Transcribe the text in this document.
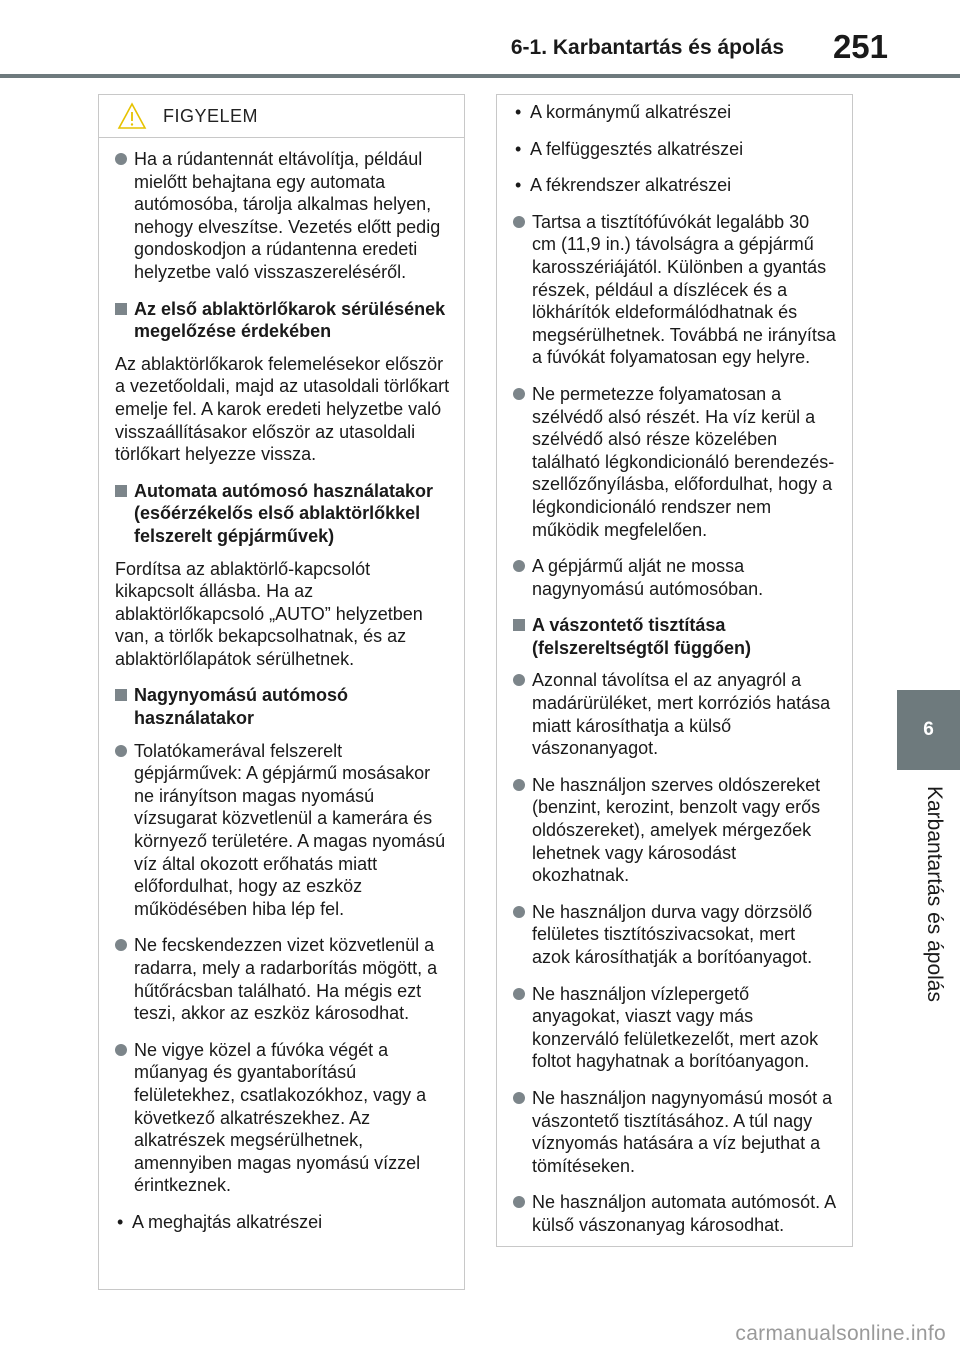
6-1. Karbantartás és ápolás 251
6
Karbantartás és ápolás
FIGYELEM
Ha a rúdantennát eltávolítja, például mielőtt behajtana egy automata autómosóba, tárolja alkalmas helyen, nehogy elveszítse. Vezetés előtt pedig gondoskodjon a rúdantenna eredeti helyzetbe való visszaszereléséről.
Az első ablaktörlőkarok sérülésének megelőzése érdekében
Az ablaktörlőkarok felemelésekor először a vezetőoldali, majd az utasoldali törlőkart emelje fel. A karok eredeti helyzetbe való visszaállításakor először az utasoldali törlőkart helyezze vissza.
Automata autómosó használatakor (esőérzékelős első ablaktörlőkkel felszerelt gépjárművek)
Fordítsa az ablaktörlő-kapcsolót kikapcsolt állásba. Ha az ablaktörlőkapcsoló „AUTO” helyzetben van, a törlők bekapcsolhatnak, és az ablaktörlőlapátok sérülhetnek.
Nagynyomású autómosó használatakor
Tolatókamerával felszerelt gépjárművek: A gépjármű mosásakor ne irányítson magas nyomású vízsugarat közvetlenül a kamerára és környező területére. A magas nyomású víz által okozott erőhatás miatt előfordulhat, hogy az eszköz működésében hiba lép fel.
Ne fecskendezzen vizet közvetlenül a radarra, mely a radarborítás mögött, a hűtőrácsban található. Ha mégis ezt teszi, akkor az eszköz károsodhat.
Ne vigye közel a fúvóka végét a műanyag és gyantaborítású felületekhez, csatlakozókhoz, vagy a következő alkatrészekhez. Az alkatrészek megsérülhetnek, amennyiben magas nyomású vízzel érintkeznek.
• A meghajtás alkatrészei
• A kormánymű alkatrészei
• A felfüggesztés alkatrészei
• A fékrendszer alkatrészei
Tartsa a tisztítófúvókát legalább 30 cm (11,9 in.) távolságra a gépjármű karosszériájától. Különben a gyantás részek, például a díszlécek és a lökhárítók eldeformálódhatnak és megsérülhetnek. Továbbá ne irányítsa a fúvókát folyamatosan egy helyre.
Ne permetezze folyamatosan a szélvédő alsó részét. Ha víz kerül a szélvédő alsó része közelében található légkondicionáló berendezés-szellőzőnyílásba, előfordulhat, hogy a légkondicionáló rendszer nem működik megfelelően.
A gépjármű alját ne mossa nagynyomású autómosóban.
A vászontető tisztítása (felszereltségtől függően)
Azonnal távolítsa el az anyagról a madárürüléket, mert korróziós hatása miatt károsíthatja a külső vászonanyagot.
Ne használjon szerves oldószereket (benzint, kerozint, benzolt vagy erős oldószereket), amelyek mérgezőek lehetnek vagy károsodást okozhatnak.
Ne használjon durva vagy dörzsölő felületes tisztítószivacsokat, mert azok károsíthatják a borítóanyagot.
Ne használjon vízlepergető anyagokat, viaszt vagy más konzerváló felületkezelőt, mert azok foltot hagyhatnak a borítóanyagon.
Ne használjon nagynyomású mosót a vászontető tisztításához. A túl nagy víznyomás hatására a víz bejuthat a tömítéseken.
Ne használjon automata autómosót. A külső vászonanyag károsodhat.
carmanualsonline.info
